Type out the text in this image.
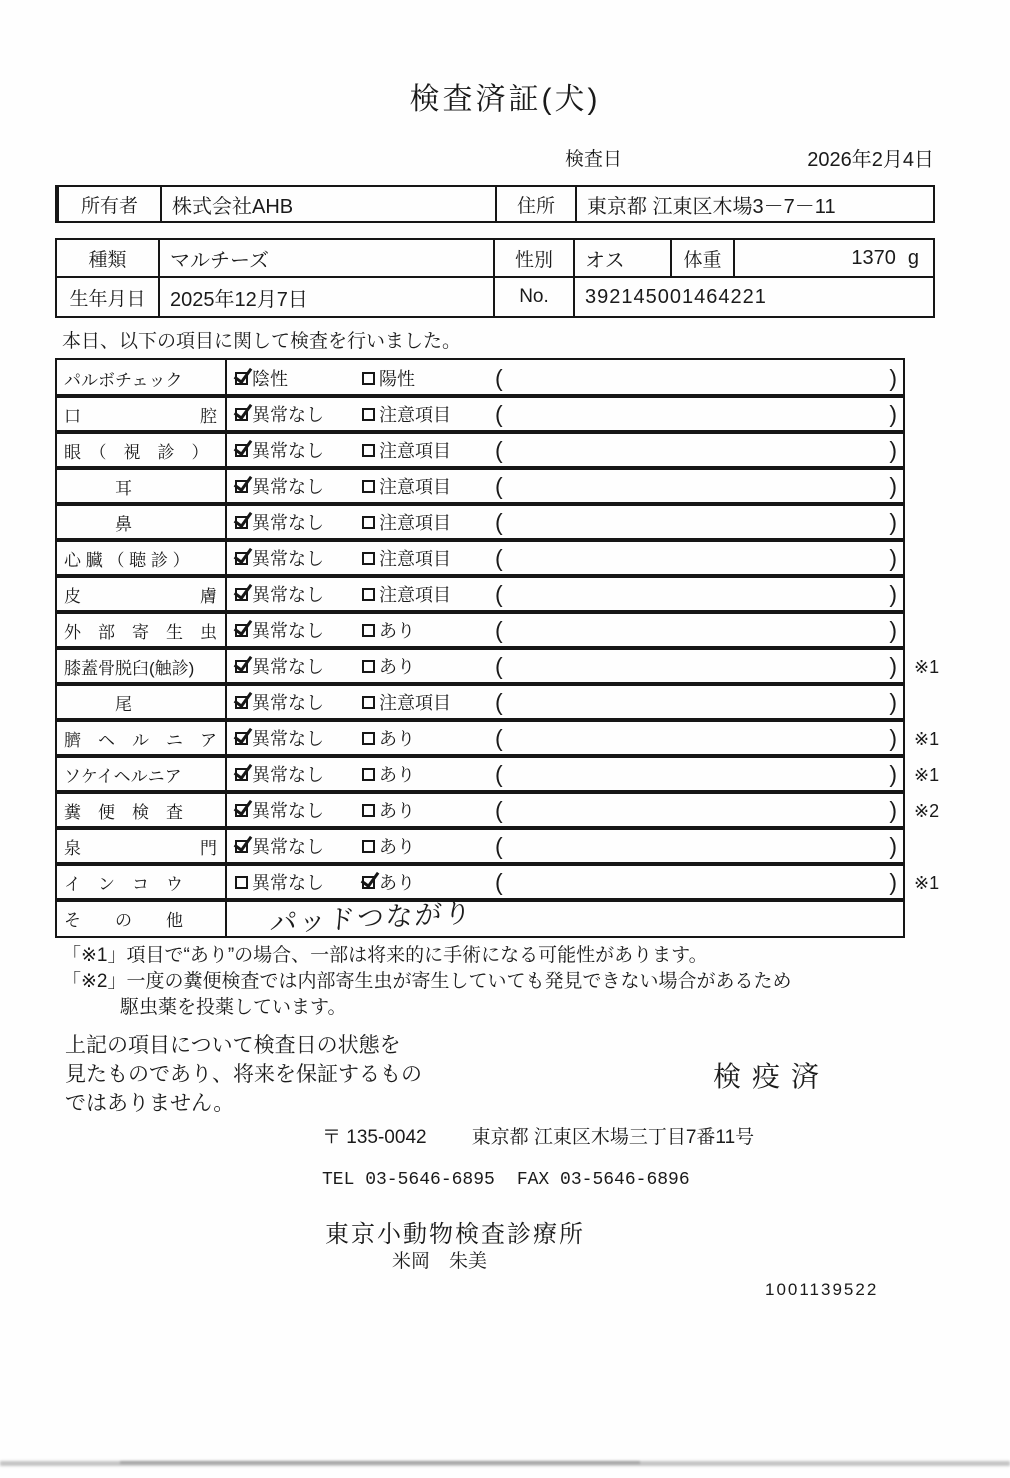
検査済証(犬)
検査日	2026年2月4日
所有者	株式会社AHB	住所	東京都 江東区木場3－7－11
種類	マルチーズ	性別	オス	体重	1370 g
生年月日	2025年12月7日	No.	392145001464221
本日、以下の項目に関して検査を行いました。
パルボチェック	陰性	陽性	(	)
口　　　　　　　腔	異常なし	注意項目 (	)
眼　（　視　診　）	異常なし	注意項目 (	)
　　　耳	異常なし	注意項目 (	)
　　　鼻	異常なし	注意項目 (	)
心 臓 （ 聴 診 ）	異常なし	注意項目 (	)
皮　　　　　　　膚	異常なし	注意項目 (	)
外　部　寄　生　虫	異常なし	あり	(	)
膝蓋骨脱臼(触診)	異常なし	あり	(	) ※1
　　　尾	異常なし	注意項目 (	)
臍　ヘ　ル　ニ　ア	異常なし	あり	(	) ※1
ソケイヘルニア	異常なし	あり	(	) ※1
糞　便　検　査	異常なし	あり	(	) ※2
泉　　　　　　　門	異常なし	あり	(	)
イ　ン　コ　ウ	異常なし	あり	(	) ※1
そ　　の　　他	パッドつながり
「※1」項目で“あり”の場合、一部は将来的に手術になる可能性があります。
「※2」一度の糞便検査では内部寄生虫が寄生していても発見できない場合があるため
駆虫薬を投薬しています。
上記の項目について検査日の状態を
見たものであり、将来を保証するもの
ではありません。
検疫済
〒 135-0042 東京都 江東区木場三丁目7番11号
TEL 03-5646-6895 FAX 03-5646-6896
東京小動物検査診療所
米岡　朱美
1001139522
